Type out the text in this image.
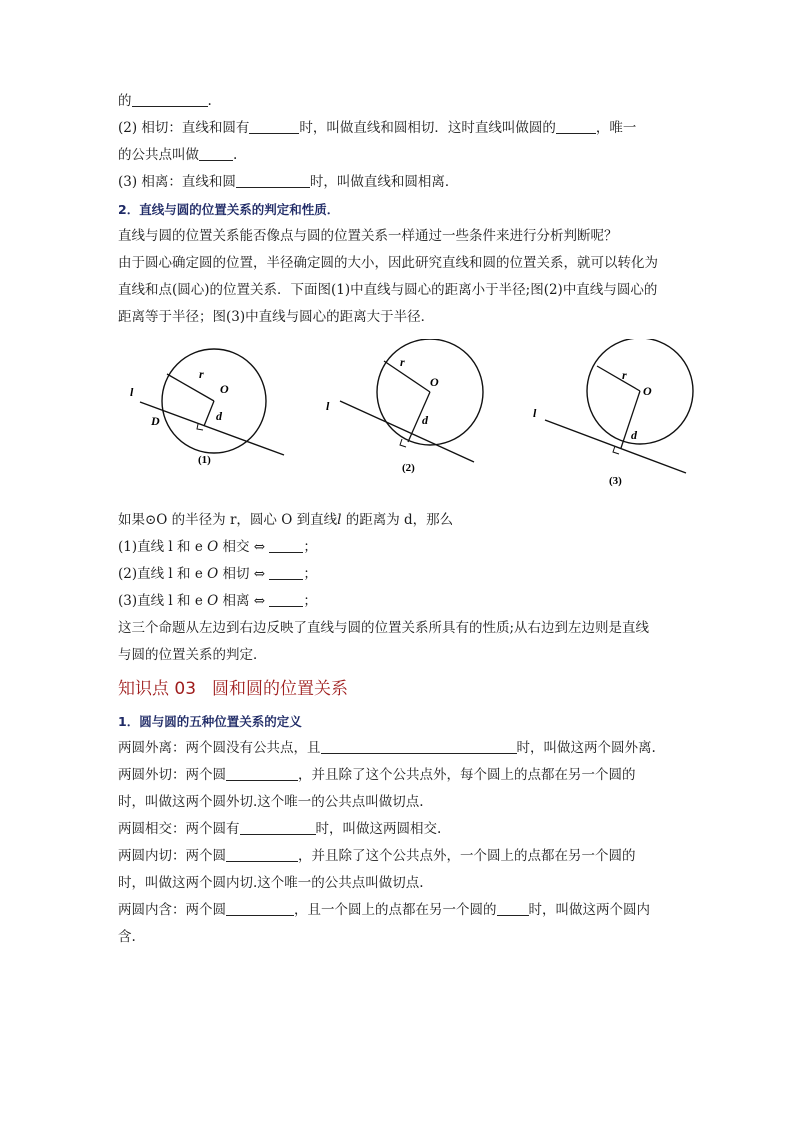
的	.

(2) 相切：直线和圆有	时，叫做直线和圆相切．这时直线叫做圆的	，唯一

的公共点叫做	.

(3) 相离：直线和圆	时，叫做直线和圆相离．

2．直线与圆的位置关系的判定和性质．

直线与圆的位置关系能否像点与圆的位置关系一样通过一些条件来进行分析判断呢？

由于圆心确定圆的位置，半径确定圆的大小，因此研究直线和圆的位置关系，就可以转化为

直线和点(圆心)的位置关系．下面图(1)中直线与圆心的距离小于半径;图(2)中直线与圆心的

距离等于半径；图(3)中直线与圆心的距离大于半径．

r
O
d
l
D
(1)
r
O
d
l
(2)
r
O
d
l
(3)

如果⊙O 的半径为 r，圆心 O 到直线l 的距离为 d，那么

(1)直线 l 和 e O 相交 ⇔	；

(2)直线 l 和 e O 相切 ⇔	；

(3)直线 l 和 e O 相离 ⇔	；

这三个命题从左边到右边反映了直线与圆的位置关系所具有的性质;从右边到左边则是直线

与圆的位置关系的判定．

知识点 03 圆和圆的位置关系

1．圆与圆的五种位置关系的定义

两圆外离：两个圆没有公共点，且	时，叫做这两个圆外离.

两圆外切：两个圆	，并且除了这个公共点外，每个圆上的点都在另一个圆的

时，叫做这两个圆外切.这个唯一的公共点叫做切点.

两圆相交：两个圆有	时，叫做这两圆相交.

两圆内切：两个圆	，并且除了这个公共点外，一个圆上的点都在另一个圆的

时，叫做这两个圆内切.这个唯一的公共点叫做切点.

两圆内含：两个圆	，且一个圆上的点都在另一个圆的 时，叫做这两个圆内

含.
